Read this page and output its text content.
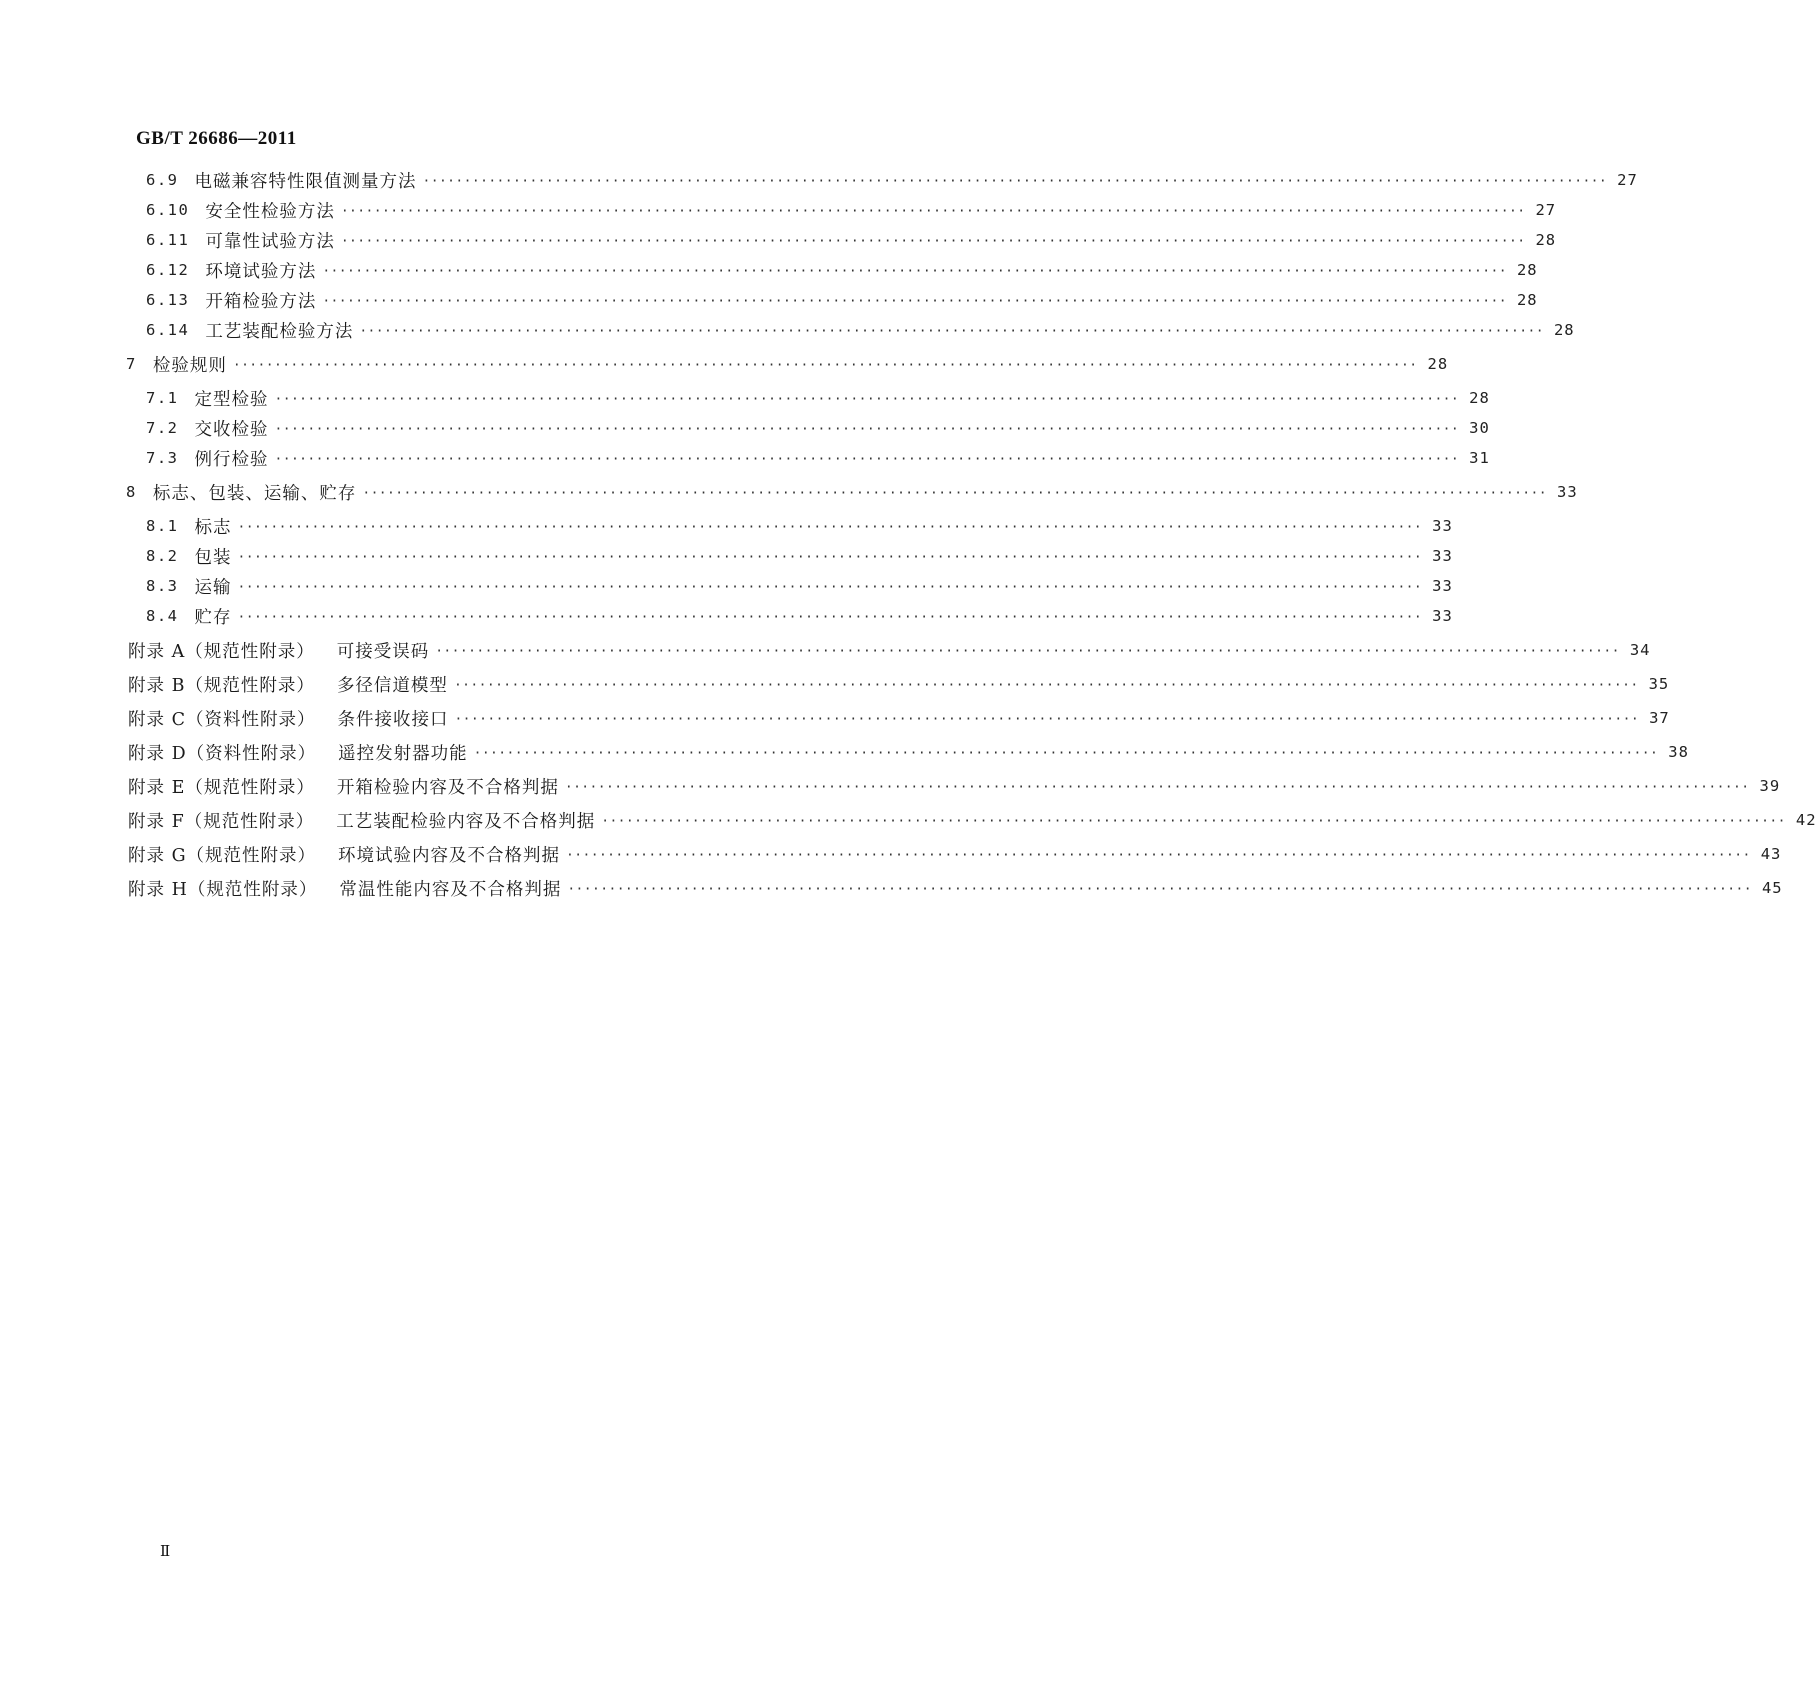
GB/T 26686—2011
6.9 电磁兼容特性限值测量方法 ················································································································································ 27
6.10 安全性检验方法 ················································································································································ 27
6.11 可靠性试验方法 ················································································································································ 28
6.12 环境试验方法 ················································································································································ 28
6.13 开箱检验方法 ················································································································································ 28
6.14 工艺装配检验方法 ················································································································································ 28
7 检验规则 ················································································································································ 28
7.1 定型检验 ················································································································································ 28
7.2 交收检验 ················································································································································ 30
7.3 例行检验 ················································································································································ 31
8 标志、包装、运输、贮存 ················································································································································ 33
8.1 标志 ················································································································································ 33
8.2 包装 ················································································································································ 33
8.3 运输 ················································································································································ 33
8.4 贮存 ················································································································································ 33
附录 A （规范性附录） 可接受误码 ················································································································································ 34
附录 B （规范性附录） 多径信道模型 ················································································································································ 35
附录 C （资料性附录） 条件接收接口 ················································································································································ 37
附录 D （资料性附录） 遥控发射器功能 ················································································································································ 38
附录 E （规范性附录） 开箱检验内容及不合格判据 ················································································································································ 39
附录 F （规范性附录） 工艺装配检验内容及不合格判据 ················································································································································ 42
附录 G （规范性附录） 环境试验内容及不合格判据 ················································································································································ 43
附录 H （规范性附录） 常温性能内容及不合格判据 ················································································································································ 45
Ⅱ
